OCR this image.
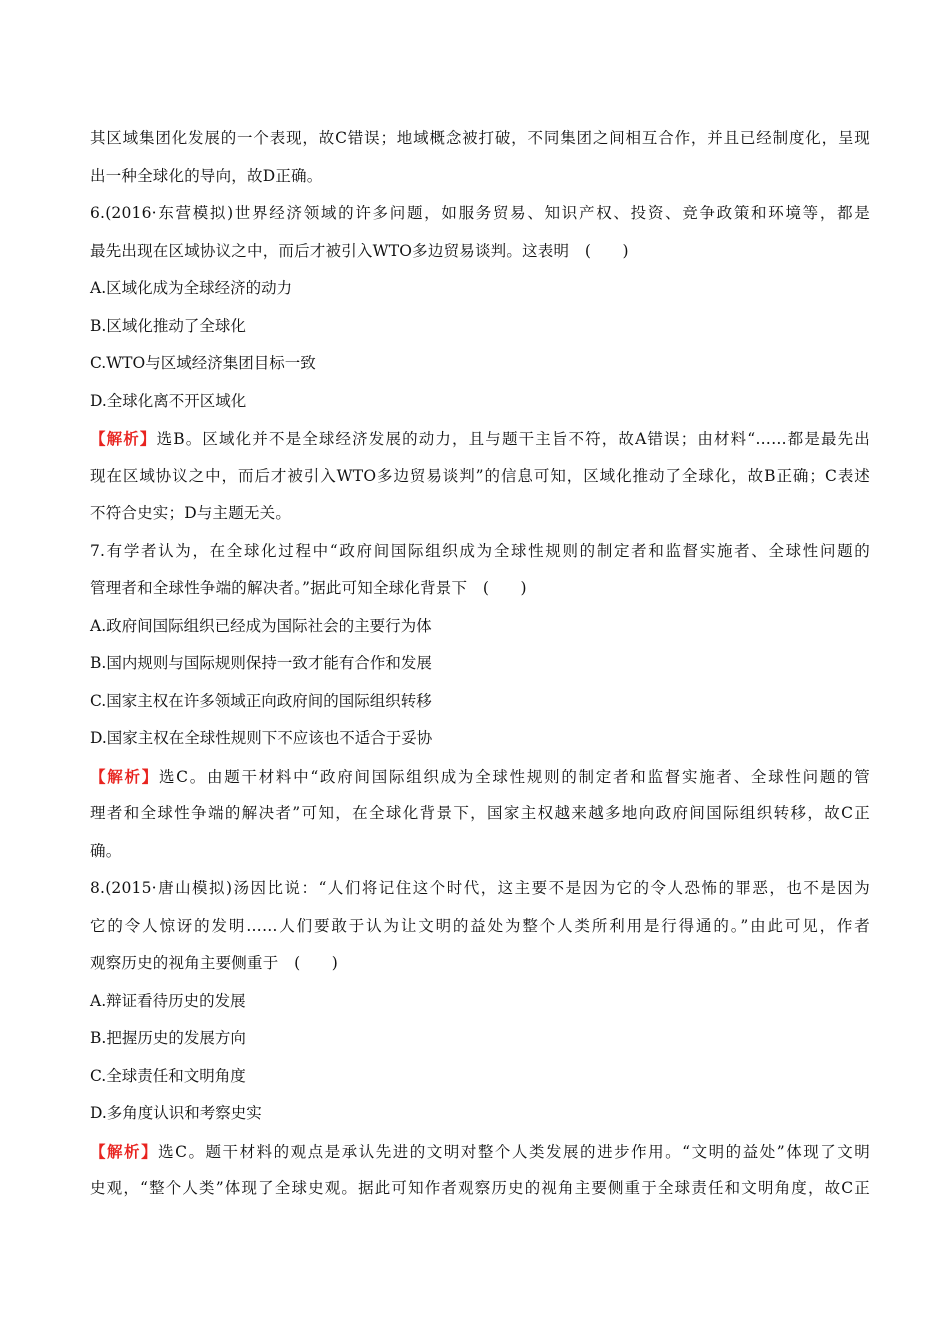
其区域集团化发展的一个表现，故C错误；地域概念被打破，不同集团之间相互合作，并且已经制度化，呈现
出一种全球化的导向，故D正确。
6.(2016·东营模拟)世界经济领域的许多问题，如服务贸易、知识产权、投资、竞争政策和环境等，都是
最先出现在区域协议之中，而后才被引入WTO多边贸易谈判。这表明　(　　)
A.区域化成为全球经济的动力
B.区域化推动了全球化
C.WTO与区域经济集团目标一致
D.全球化离不开区域化
【解析】选B。区域化并不是全球经济发展的动力，且与题干主旨不符，故A错误；由材料“……都是最先出
现在区域协议之中，而后才被引入WTO多边贸易谈判”的信息可知，区域化推动了全球化，故B正确；C表述
不符合史实；D与主题无关。
7.有学者认为，在全球化过程中“政府间国际组织成为全球性规则的制定者和监督实施者、全球性问题的
管理者和全球性争端的解决者。”据此可知全球化背景下　(　　)
A.政府间国际组织已经成为国际社会的主要行为体
B.国内规则与国际规则保持一致才能有合作和发展
C.国家主权在许多领域正向政府间的国际组织转移
D.国家主权在全球性规则下不应该也不适合于妥协
【解析】选C。由题干材料中“政府间国际组织成为全球性规则的制定者和监督实施者、全球性问题的管
理者和全球性争端的解决者”可知，在全球化背景下，国家主权越来越多地向政府间国际组织转移，故C正
确。
8.(2015·唐山模拟)汤因比说：“人们将记住这个时代，这主要不是因为它的令人恐怖的罪恶，也不是因为
它的令人惊讶的发明……人们要敢于认为让文明的益处为整个人类所利用是行得通的。”由此可见，作者
观察历史的视角主要侧重于　(　　)
A.辩证看待历史的发展
B.把握历史的发展方向
C.全球责任和文明角度
D.多角度认识和考察史实
【解析】选C。题干材料的观点是承认先进的文明对整个人类发展的进步作用。“文明的益处”体现了文明
史观，“整个人类”体现了全球史观。据此可知作者观察历史的视角主要侧重于全球责任和文明角度，故C正
